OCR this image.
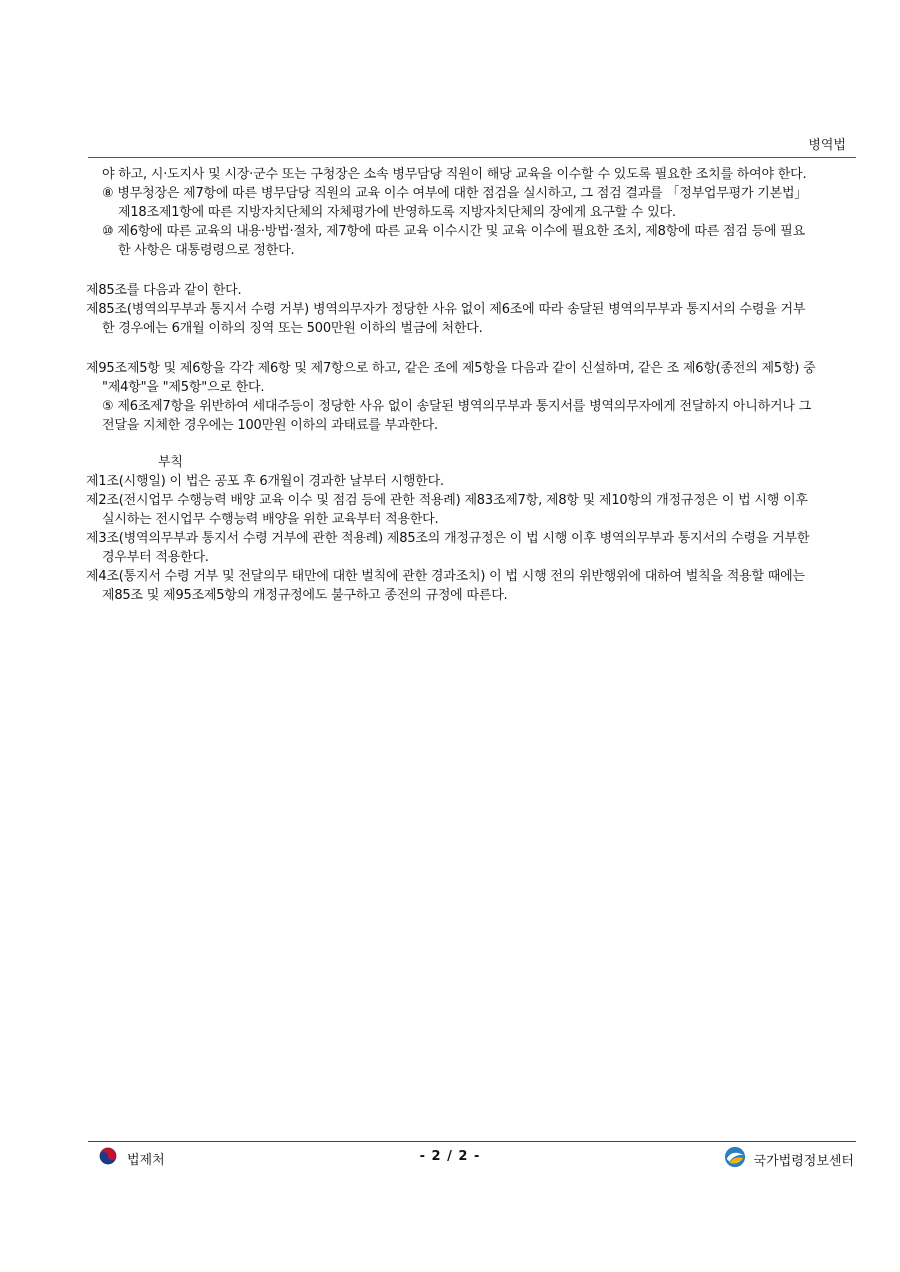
병역법

야 하고, 시·도지사 및 시장·군수 또는 구청장은 소속 병무담당 직원이 해당 교육을 이수할 수 있도록 필요한 조치를 하여야 한다.

⑧ 병무청장은 제7항에 따른 병무담당 직원의 교육 이수 여부에 대한 점검을 실시하고, 그 점검 결과를 「정부업무평가 기본법」 제18조제1항에 따른 지방자치단체의 자체평가에 반영하도록 지방자치단체의 장에게 요구할 수 있다.

⑩ 제6항에 따른 교육의 내용·방법·절차, 제7항에 따른 교육 이수시간 및 교육 이수에 필요한 조치, 제8항에 따른 점검 등에 필요한 사항은 대통령령으로 정한다.

제85조를 다음과 같이 한다.

제85조(병역의무부과 통지서 수령 거부) 병역의무자가 정당한 사유 없이 제6조에 따라 송달된 병역의무부과 통지서의 수령을 거부한 경우에는 6개월 이하의 징역 또는 500만원 이하의 벌금에 처한다.

제95조제5항 및 제6항을 각각 제6항 및 제7항으로 하고, 같은 조에 제5항을 다음과 같이 신설하며, 같은 조 제6항(종전의 제5항) 중 "제4항"을 "제5항"으로 한다.

⑤ 제6조제7항을 위반하여 세대주등이 정당한 사유 없이 송달된 병역의무부과 통지서를 병역의무자에게 전달하지 아니하거나 그 전달을 지체한 경우에는 100만원 이하의 과태료를 부과한다.

부칙

제1조(시행일) 이 법은 공포 후 6개월이 경과한 날부터 시행한다.

제2조(전시업무 수행능력 배양 교육 이수 및 점검 등에 관한 적용례) 제83조제7항, 제8항 및 제10항의 개정규정은 이 법 시행 이후 실시하는 전시업무 수행능력 배양을 위한 교육부터 적용한다.

제3조(병역의무부과 통지서 수령 거부에 관한 적용례) 제85조의 개정규정은 이 법 시행 이후 병역의무부과 통지서의 수령을 거부한 경우부터 적용한다.

제4조(통지서 수령 거부 및 전달의무 태만에 대한 벌칙에 관한 경과조치) 이 법 시행 전의 위반행위에 대하여 벌칙을 적용할 때에는 제85조 및 제95조제5항의 개정규정에도 불구하고 종전의 규정에 따른다.

법제처	- 2 / 2 -	국가법령정보센터
